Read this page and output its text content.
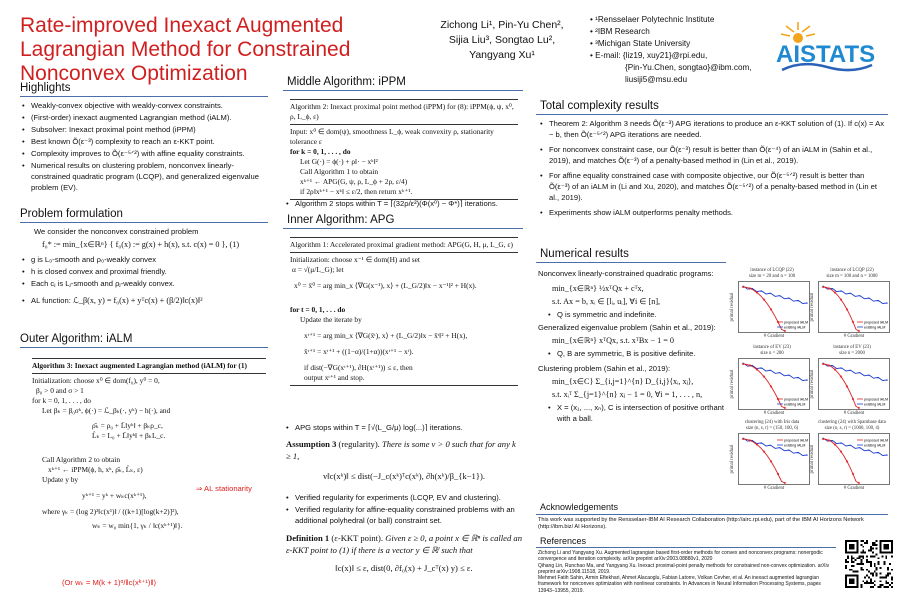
Rate-improved Inexact Augmented Lagrangian Method for Constrained Nonconvex Optimization
Zichong Li¹, Pin-Yu Chen²,
Sijia Liu³, Songtao Lu²,
Yangyang Xu¹
• ¹Rensselaer Polytechnic Institute
• ²IBM Research
• ³Michigan State University
• E-mail: {liz19, xuy21}@rpi.edu,
{Pin-Yu.Chen, songtao}@ibm.com,
liusiji5@msu.edu
AISTATS
Highlights
• Weakly-convex objective with weakly-convex constraints.
• (First-order) inexact augmented Lagrangian method (iALM).
• Subsolver: Inexact proximal point method (iPPM)
• Best known Õ(ε⁻³) complexity to reach an ε-KKT point.
• Complexity improves to Õ(ε⁻⁵ᐟ²) with affine equality constraints.
• Numerical results on clustering problem, nonconvex linearly-constrained quadratic program (LCQP), and generalized eigenvalue problem (EV).
Problem formulation
We consider the nonconvex constrained problem
f₀* := min_{x∈ℝⁿ} { f₀(x) := g(x) + h(x), s.t. c(x) = 0 }, (1)
• g is L₀-smooth and ρ₀-weakly convex
• h is closed convex and proximal friendly.
• Each cⱼ is Lⱼ-smooth and ρⱼ-weakly convex.
• AL function: ℒ_β(x, y) = f₀(x) + yᵀc(x) + (β/2)‖c(x)‖²
Outer Algorithm: iALM
Algorithm 3: Inexact augmented Lagrangian method (iALM) for (1)
Initialization: choose x⁰ ∈ dom(f₀), y⁰ = 0,
β₀ > 0 and σ > 1
for k = 0, 1, . . . , do
Let βₖ = β₀σᵏ, ϕ(·) = ℒ_βₖ(·, yᵏ) − h(·), and
ρ̂ₖ = ρ₀ + L̄‖yᵏ‖ + βₖρ_c,
L̂ₖ = L₀ + L̄‖yᵏ‖ + βₖL_c.
Call Algorithm 2 to obtain
xᵏ⁺¹ ← iPPM(ϕ, h, xᵏ, ρ̂ₖ, L̂ₖ, ε)
Update y by
yᵏ⁺¹ = yᵏ + wₖc(xᵏ⁺¹),
where γₖ = (log 2)²‖c(x¹)‖ / ((k+1)[log(k+2)]²),
wₖ = w₀ min{1, γₖ / ‖c(xᵏ⁺¹)‖}.
⇒ AL stationarity
(Or wₖ = M(k + 1)ᵅ/‖c(xᵏ⁺¹)‖)
Middle Algorithm: iPPM
Algorithm 2: Inexact proximal point method (iPPM) for (8): iPPM(ϕ, ψ, x⁰, ρ, L_ϕ, ε)
Input: x⁰ ∈ dom(ψ), smoothness L_ϕ, weak convexity ρ, stationarity tolerance ε
for k = 0, 1, . . . , do
Let G(·) = ϕ(·) + ρ‖· − xᵏ‖²
Call Algorithm 1 to obtain
xᵏ⁺¹ ← APG(G, ψ, ρ, L_ϕ + 2ρ, ε/4)
if 2ρ‖xᵏ⁺¹ − xᵏ‖ ≤ ε/2, then return xᵏ⁺¹.
• Algorithm 2 stops within T = ⌈(32ρ/ε²)(Φ(x⁰) − Φ*)⌉ iterations.
Inner Algorithm: APG
Algorithm 1: Accelerated proximal gradient method: APG(G, H, μ, L_G, ε)
Initialization: choose x⁻¹ ∈ dom(H) and set
α = √(μ/L_G); let
x⁰ = x̄⁰ = arg min_x ⟨∇G(x⁻¹), x⟩ + (L_G/2)‖x − x⁻¹‖² + H(x).
for t = 0, 1, . . . do
Update the iterate by
xᵗ⁺¹ = arg min_x ⟨∇G(x̄ᵗ), x⟩ + (L_G/2)‖x − x̄ᵗ‖² + H(x),
x̄ᵗ⁺¹ = xᵗ⁺¹ + ((1−α)/(1+α))(xᵗ⁺¹ − xᵗ).
if dist(−∇G(xᵗ⁺¹), ∂H(xᵗ⁺¹)) ≤ ε, then
output xᵗ⁺¹ and stop.
• APG stops within T = ⌈√(L_G/μ) log(...)⌉ iterations.
Assumption 3 (regularity). There is some v > 0 such that for any k ≥ 1,
v‖c(xᵏ)‖ ≤ dist(−J_c(xᵏ)ᵀc(xᵏ), ∂h(xᵏ)/β_{k−1}).
• Verified regularity for experiments (LCQP, EV and clustering).
• Verified regularity for affine-equality constrained problems with an additional polyhedral (or ball) constraint set.
Definition 1 (ε-KKT point). Given ε ≥ 0, a point x ∈ ℝⁿ is called an ε-KKT point to (1) if there is a vector y ∈ ℝˡ such that
‖c(x)‖ ≤ ε, dist(0, ∂f₀(x) + J_cᵀ(x) y) ≤ ε.
Total complexity results
• Theorem 2: Algorithm 3 needs Õ(ε⁻³) APG iterations to produce an ε-KKT solution of (1). If c(x) = Ax − b, then Õ(ε⁻⁵ᐟ²) APG iterations are needed.
• For nonconvex constraint case, our Õ(ε⁻³) result is better than Õ(ε⁻⁴) of an iALM in (Sahin et al., 2019), and matches Õ(ε⁻³) of a penalty-based method in (Lin et al., 2019).
• For affine equality constrained case with composite objective, our Õ(ε⁻⁵ᐟ²) result is better than Õ(ε⁻³) of an iALM in (Li and Xu, 2020), and matches Õ(ε⁻⁵ᐟ²) of a penalty-based method in (Lin et al., 2019).
• Experiments show iALM outperforms penalty methods.
Numerical results
Nonconvex linearly-constrained quadratic programs:
min_{x∈ℝⁿ} ½xᵀQx + cᵀx,
s.t. Ax = b, xᵢ ∈ [lᵢ, uᵢ], ∀i ∈ [n],
• Q is symmetric and indefinite.
Generalized eigenvalue problem (Sahin et al., 2019):
min_{x∈ℝⁿ} xᵀQx, s.t. xᵀBx − 1 = 0
• Q, B are symmetric, B is positive definite.
Clustering problem (Sahin et al., 2019):
min_{x∈C} Σ_{i,j=1}^{n} D_{i,j}⟨xᵢ, xⱼ⟩,
s.t. xᵢᵀ Σ_{j=1}^{n} xⱼ − 1 = 0, ∀i = 1, . . . , n,
• X = (x₁, ..., xₙ), C is intersection of positive orthant with a ball.
instance of LCQP (22)
size m = 20 and n = 100
× × × × × × × ×
proposed iALM
existing iALM
primal residual
# Gradient
instance of LCQP (22)
size m = 100 and n = 1000
× × × × × × × ×
proposed iALM
existing iALM
primal residual
# Gradient
instance of EV (23)
size n = 200
× × × × × × × ×
proposed iALM
existing iALM
primal residual
# Gradient
instance of EV (23)
size n = 2000
× × × × × × × ×
proposed iALM
existing iALM
primal residual
# Gradient
clustering (24) with Iris data
size (n, s, r) = (150, 100, 6)
× × × × × × × ×
proposed iALM
existing iALM
primal residual
# Gradient
clustering (24) with Spambase data
size (n, s, r) = (1000, 100, 4)
× × × × × × × ×
proposed iALM
existing iALM
primal residual
# Gradient
Acknowledgements
This work was supported by the Rensselaer-IBM AI Research Collaboration (http://airc.rpi.edu), part of the IBM AI Horizons Network (http://ibm.biz/ AI Horizons).
References
Zichong Li and Yangyang Xu. Augmented lagrangian based first-order methods for convex and nonconvex programs: nonergodic convergence and iteration complexity. arXiv preprint arXiv:2003.08880v1, 2020
Qihang Lin, Runchao Ma, and Yangyang Xu. Inexact proximal-point penalty methods for constrained non-convex optimization. arXiv preprint arXiv:1908.11518, 2019.
Mehmet Fatih Sahin, Armin Eftekhari, Ahmet Alacaoglu, Fabian Latorre, Volkan Cevher, et al. An inexact augmented lagrangian framework for nonconvex optimization with nonlinear constraints. In Advances in Neural Information Processing Systems, pages 13943–13955, 2019.
